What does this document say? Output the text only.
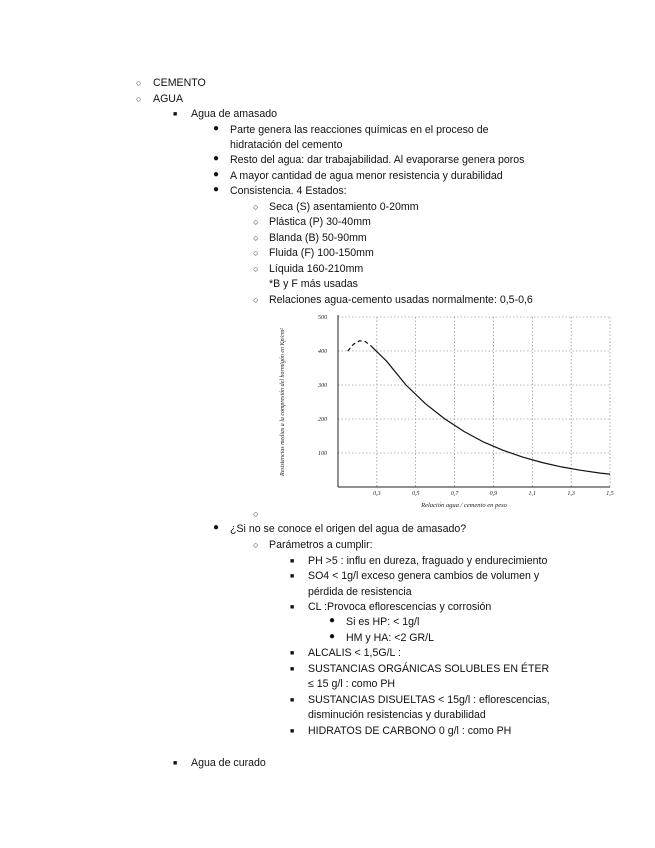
○ CEMENTO
○ AGUA
■ Agua de amasado
● Parte genera las reacciones químicas en el proceso de
hidratación del cemento
● Resto del agua: dar trabajabilidad. Al evaporarse genera poros
● A mayor cantidad de agua menor resistencia y durabilidad
● Consistencia. 4 Estados:
○ Seca (S) asentamiento 0-20mm
○ Plástica (P) 30-40mm
○ Blanda (B) 50-90mm
○ Fluida (F) 100-150mm
○ Líquida 160-210mm
*B y F más usadas
○ Relaciones agua-cemento usadas normalmente: 0,5-0,6
0,3	0,5	0,7	0,9	1,1	1,3	1,5
100
200
300
400
500
Relación agua / cemento en peso
Resistencias medias a la compresión del hormigón en Kp/cm²
○
● ¿Si no se conoce el origen del agua de amasado?
○ Parámetros a cumplir:
■ PH >5 : influ en dureza, fraguado y endurecimiento
■ SO4 < 1g/l exceso genera cambios de volumen y
pérdida de resistencia
■ CL :Provoca eflorescencias y corrosión
● Si es HP: < 1g/l
● HM y HA: <2 GR/L
■ ALCALIS < 1,5G/L :
■ SUSTANCIAS ORGÁNICAS SOLUBLES EN ÉTER
≤ 15 g/l : como PH
■ SUSTANCIAS DISUELTAS < 15g/l : eflorescencias,
disminución resistencias y durabilidad
■ HIDRATOS DE CARBONO 0 g/l : como PH
■ Agua de curado
